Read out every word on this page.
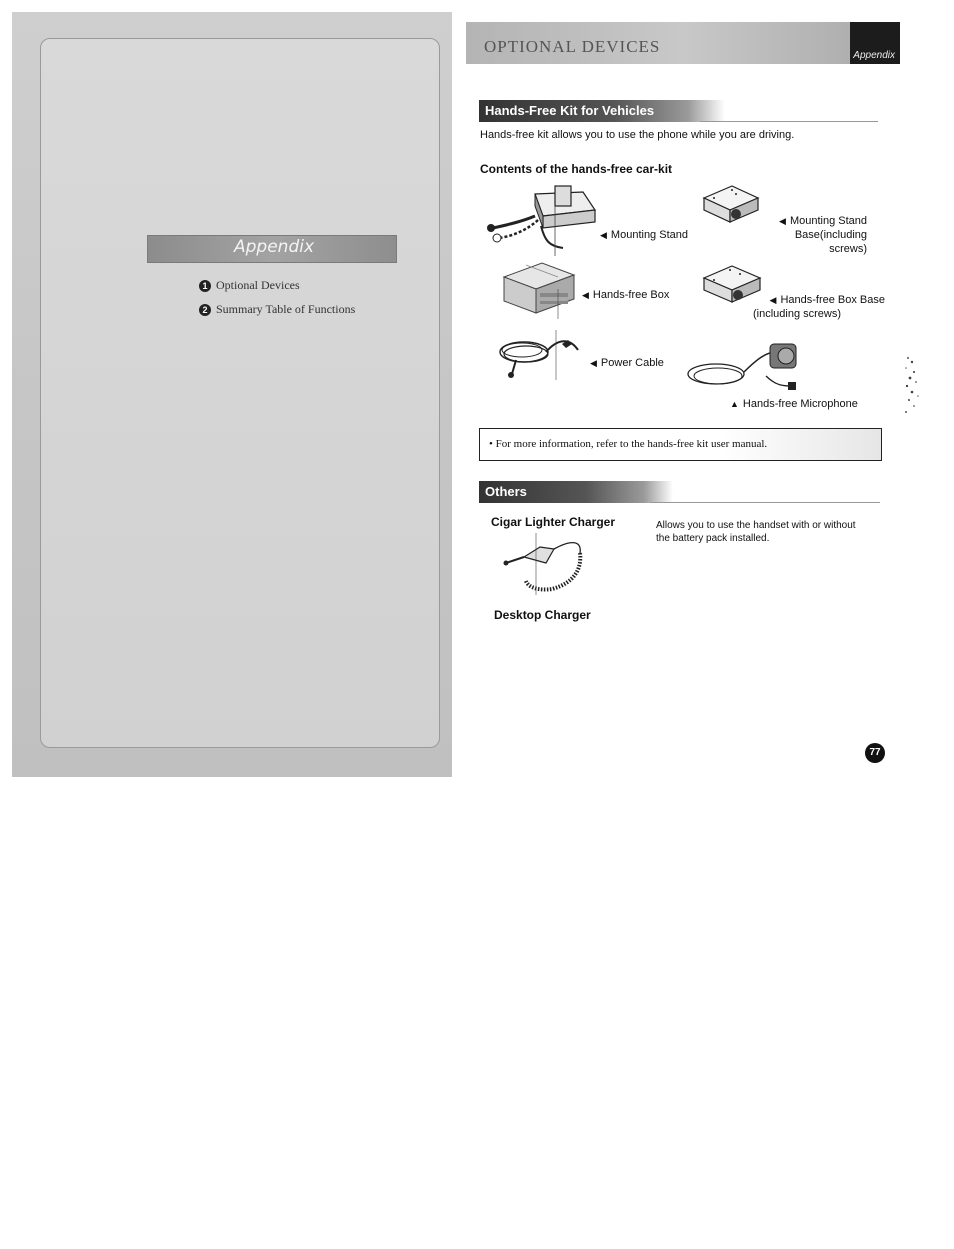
Appendix
1 Optional Devices
2 Summary Table of Functions
OPTIONAL DEVICES	Appendix
Hands-Free Kit for Vehicles
Hands-free kit allows you to use the phone while you are driving.
Contents of the hands-free car-kit
◀ Mounting Stand
◀ Mounting Stand
Base(including screws)
◀ Hands-free Box	◀ Hands-free Box Base
(including screws)
◀ Power Cable
▲ Hands-free Microphone
• For more information, refer to the hands-free kit user manual.
Others
Cigar Lighter Charger	Allows you to use the handset with or without
the battery pack installed.
Desktop Charger
77
